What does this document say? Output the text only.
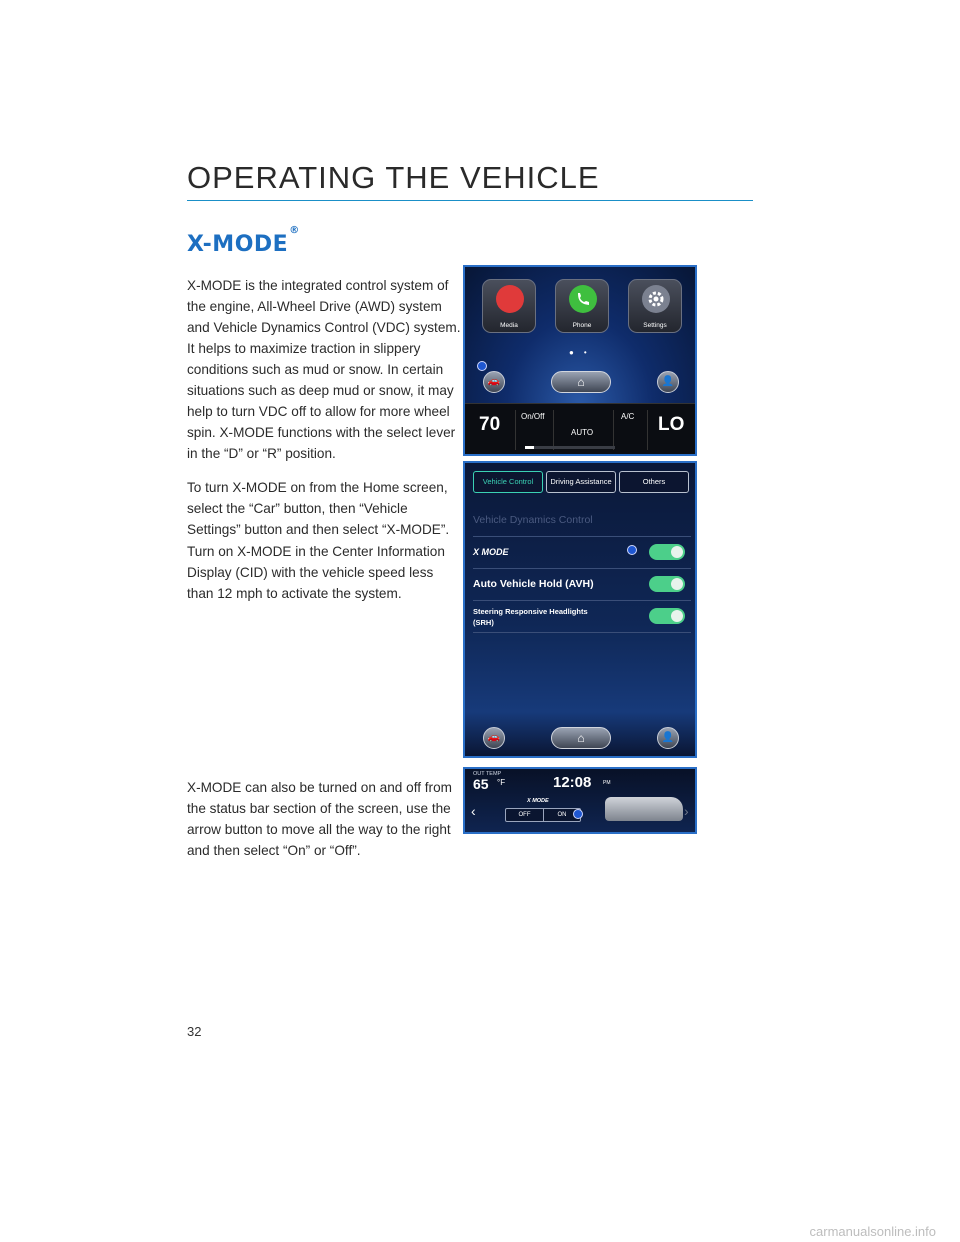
OPERATING THE VEHICLE
X-MODE®

X-MODE is the integrated control system of the engine, All-Wheel Drive (AWD) system and Vehicle Dynamics Control (VDC) system. It helps to maximize traction in slippery conditions such as mud or snow. In certain situations such as deep mud or snow, it may help to turn VDC off to allow for more wheel spin. X-MODE functions with the select lever in the “D” or “R” position.

To turn X-MODE on from the Home screen, select the “Car” button, then “Vehicle Settings” button and then select “X-MODE”.

Turn on X-MODE in the Center Information Display (CID) with the vehicle speed less than 12 mph to activate the system.

X-MODE can also be turned on and off from the status bar section of the screen, use the arrow button to move all the way to the right and then select “On” or “Off”.

Media	Phone	Settings
●•
🚗	⌂	👤
70	On/Off
AUTO
A/C LO
Vehicle Control	Driving Assistance	Others
Vehicle Dynamics Control
X MODE
Auto Vehicle Hold (AVH)
Steering Responsive Headlights
(SRH)
🚗	⌂	👤
OUT TEMP
65 °F	12:08 PM
‹
X MODE
OFF	ON	›
32
carmanualsonline.info
